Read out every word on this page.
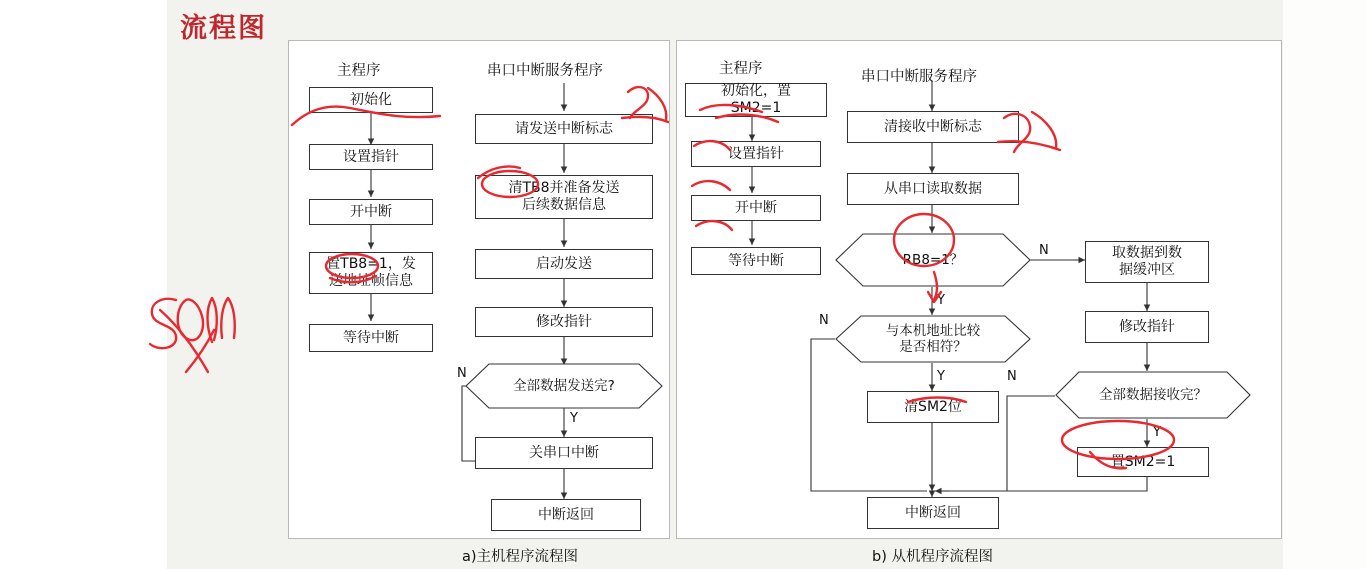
流程图
主程序	串口中断服务程序
初始化
设置指针
开中断
置TB8=1，发
送地址帧信息
等待中断
请发送中断标志
清TB8并准备发送
后续数据信息
启动发送
修改指针
全部数据发送完?
关串口中断
中断返回
N
Y
a)主机程序流程图
主程序	串口中断服务程序
初始化，置
SM2=1
设置指针
开中断
等待中断
清接收中断标志
从串口读取数据
RB8=1？
与本机地址比较
是否相符？
清SM2位
中断返回
取数据到数
据缓冲区
修改指针
全部数据接收完？
置SM2=1
N
Y
N
Y	N
Y
b) 从机程序流程图
